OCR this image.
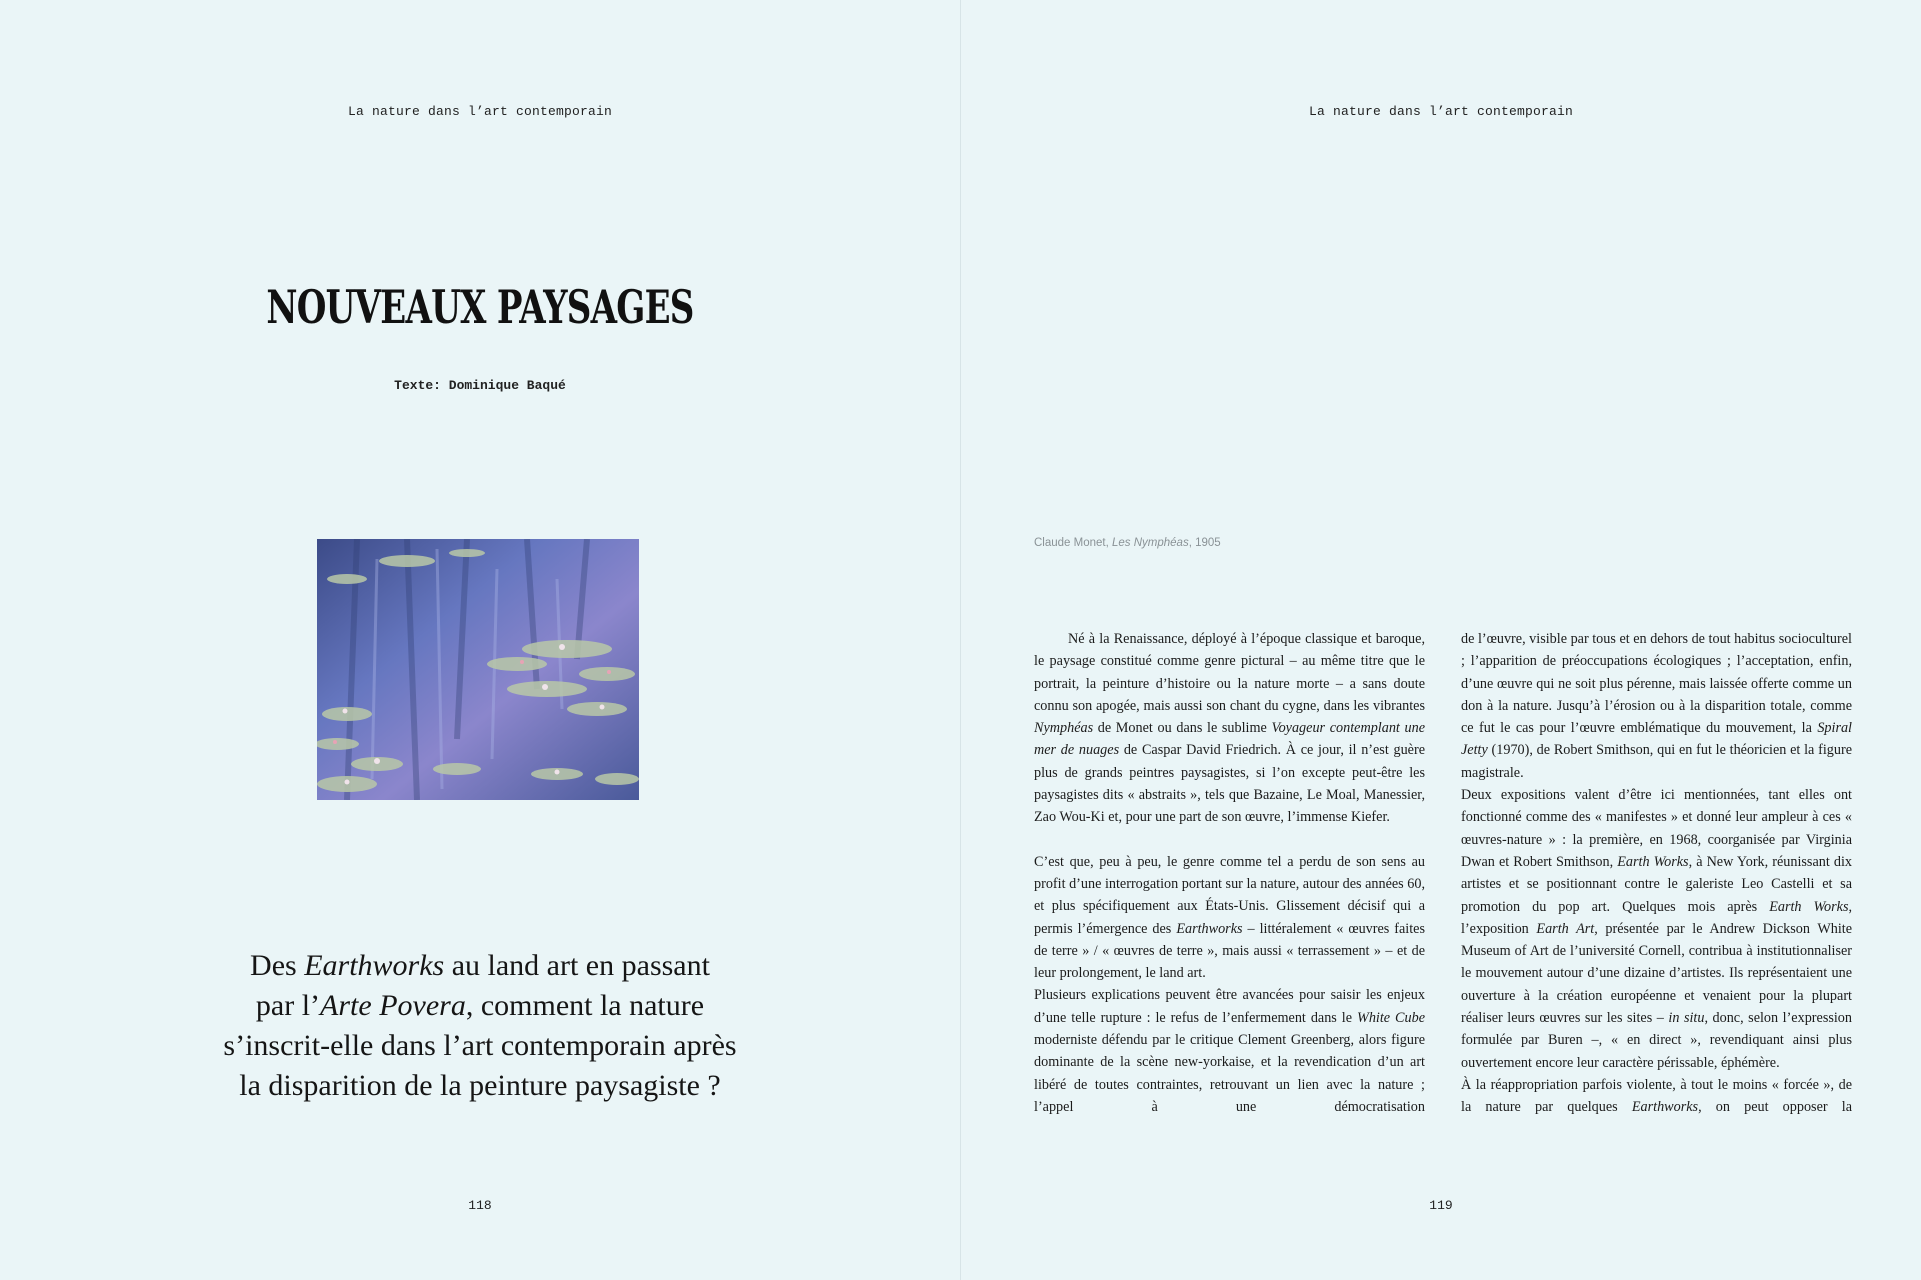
La nature dans l’art contemporain
NOUVEAUX PAYSAGES
Texte: Dominique Baqué
Des Earthworks au land art en passant
par l’Arte Povera, comment la nature
s’inscrit-elle dans l’art contemporain après
la disparition de la peinture paysagiste ?
118
La nature dans l’art contemporain
Claude Monet, Les Nymphéas, 1905

Né à la Renaissance, déployé à l’époque classique et baroque, le paysage constitué comme genre pictural – au même titre que le portrait, la peinture d’histoire ou la nature morte – a sans doute connu son apogée, mais aussi son chant du cygne, dans les vibrantes Nymphéas de Monet ou dans le sublime Voyageur contemplant une mer de nuages de Caspar David Friedrich. À ce jour, il n’est guère plus de grands peintres paysagistes, si l’on excepte peut-être les paysagistes dits « abstraits », tels que Bazaine, Le Moal, Manessier, Zao Wou-Ki et, pour une part de son œuvre, l’immense Kiefer.

C’est que, peu à peu, le genre comme tel a perdu de son sens au profit d’une interrogation portant sur la nature, autour des années 60, et plus spécifiquement aux États-Unis. Glissement décisif qui a permis l’émergence des Earthworks – littéralement « œuvres faites de terre » / « œuvres de terre », mais aussi « terrassement » – et de leur prolongement, le land art.

Plusieurs explications peuvent être avancées pour saisir les enjeux d’une telle rupture : le refus de l’enfermement dans le White Cube moderniste défendu par le critique Clement Greenberg, alors figure dominante de la scène new-yorkaise, et la revendication d’un art libéré de toutes contraintes, retrouvant un lien avec la nature ; l’appel à une démocratisation

de l’œuvre, visible par tous et en dehors de tout habitus socioculturel ; l’apparition de préoccupations écologiques ; l’acceptation, enfin, d’une œuvre qui ne soit plus pérenne, mais laissée offerte comme un don à la nature. Jusqu’à l’érosion ou à la disparition totale, comme ce fut le cas pour l’œuvre emblématique du mouvement, la Spiral Jetty (1970), de Robert Smithson, qui en fut le théoricien et la figure magistrale.

Deux expositions valent d’être ici mentionnées, tant elles ont fonctionné comme des « manifestes » et donné leur ampleur à ces « œuvres-nature » : la première, en 1968, coorganisée par Virginia Dwan et Robert Smithson, Earth Works, à New York, réunissant dix artistes et se positionnant contre le galeriste Leo Castelli et sa promotion du pop art. Quelques mois après Earth Works, l’exposition Earth Art, présentée par le Andrew Dickson White Museum of Art de l’université Cornell, contribua à institutionnaliser le mouvement autour d’une dizaine d’artistes. Ils représentaient une ouverture à la création européenne et venaient pour la plupart réaliser leurs œuvres sur les sites – in situ, donc, selon l’expression formulée par Buren –, « en direct », revendiquant ainsi plus ouvertement encore leur caractère périssable, éphémère.

À la réappropriation parfois violente, à tout le moins « forcée », de la nature par quelques Earthworks, on peut opposer la

119
